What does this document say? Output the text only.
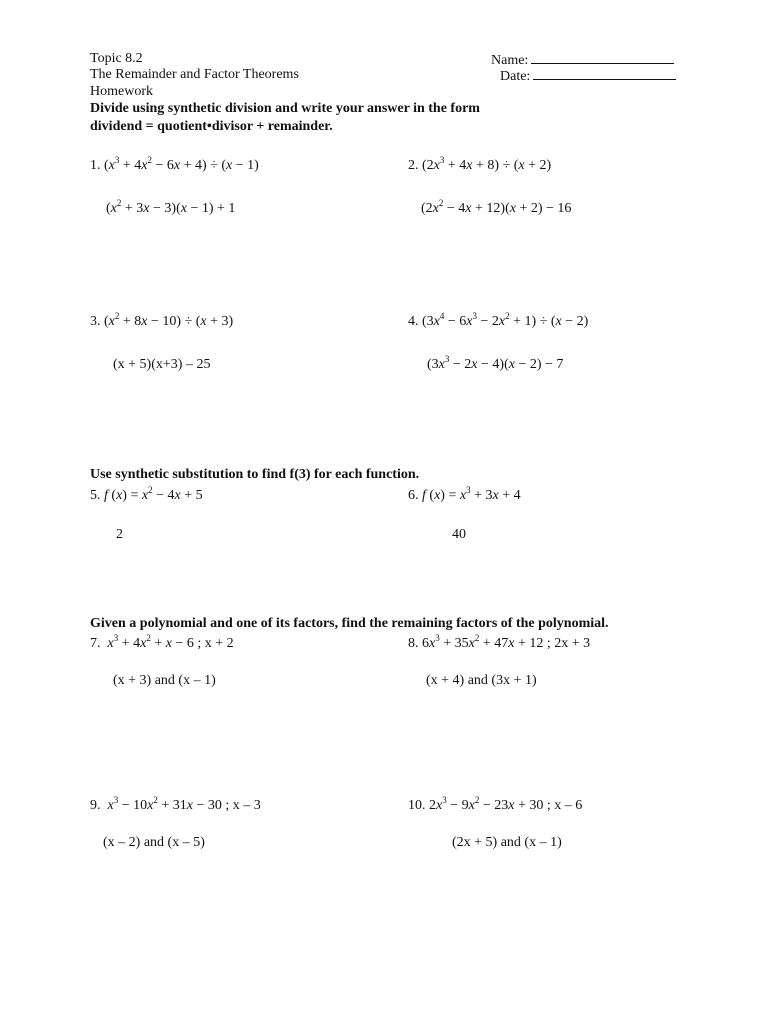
Topic 8.2
The Remainder and Factor Theorems
Homework
Name:
Date:
Divide using synthetic division and write your answer in the form
dividend = quotient•divisor + remainder.
1. $(x^3 + 4x^2 - 6x + 4) \div (x - 1)$
$(x^2 + 3x - 3)(x - 1) + 1$
2. $(2x^3 + 4x + 8) \div (x + 2)$
$(2x^2 - 4x + 12)(x + 2) - 16$
3. $(x^2 + 8x - 10) \div (x + 3)$
(x + 5)(x+3) – 25
4. $(3x^4 - 6x^3 - 2x^2 + 1) \div (x - 2)$
$(3x^3 - 2x - 4)(x - 2) - 7$
Use synthetic substitution to find f(3) for each function.
5. f $(x) = x^2 - 4x + 5$
2
6. f $(x) = x^3 + 3x + 4$
40
Given a polynomial and one of its factors, find the remaining factors of the polynomial.
7. $x^3 + 4x^2 + x - 6$ ; x + 2
(x + 3) and (x – 1)
8. $6x^3 + 35x^2 + 47x + 12$ ; 2x + 3
(x + 4) and (3x + 1)
9. $x^3 - 10x^2 + 31x - 30$ ; x – 3
(x – 2) and (x – 5)
10. $2x^3 - 9x^2 - 23x + 30$ ; x – 6
(2x + 5) and (x – 1)
